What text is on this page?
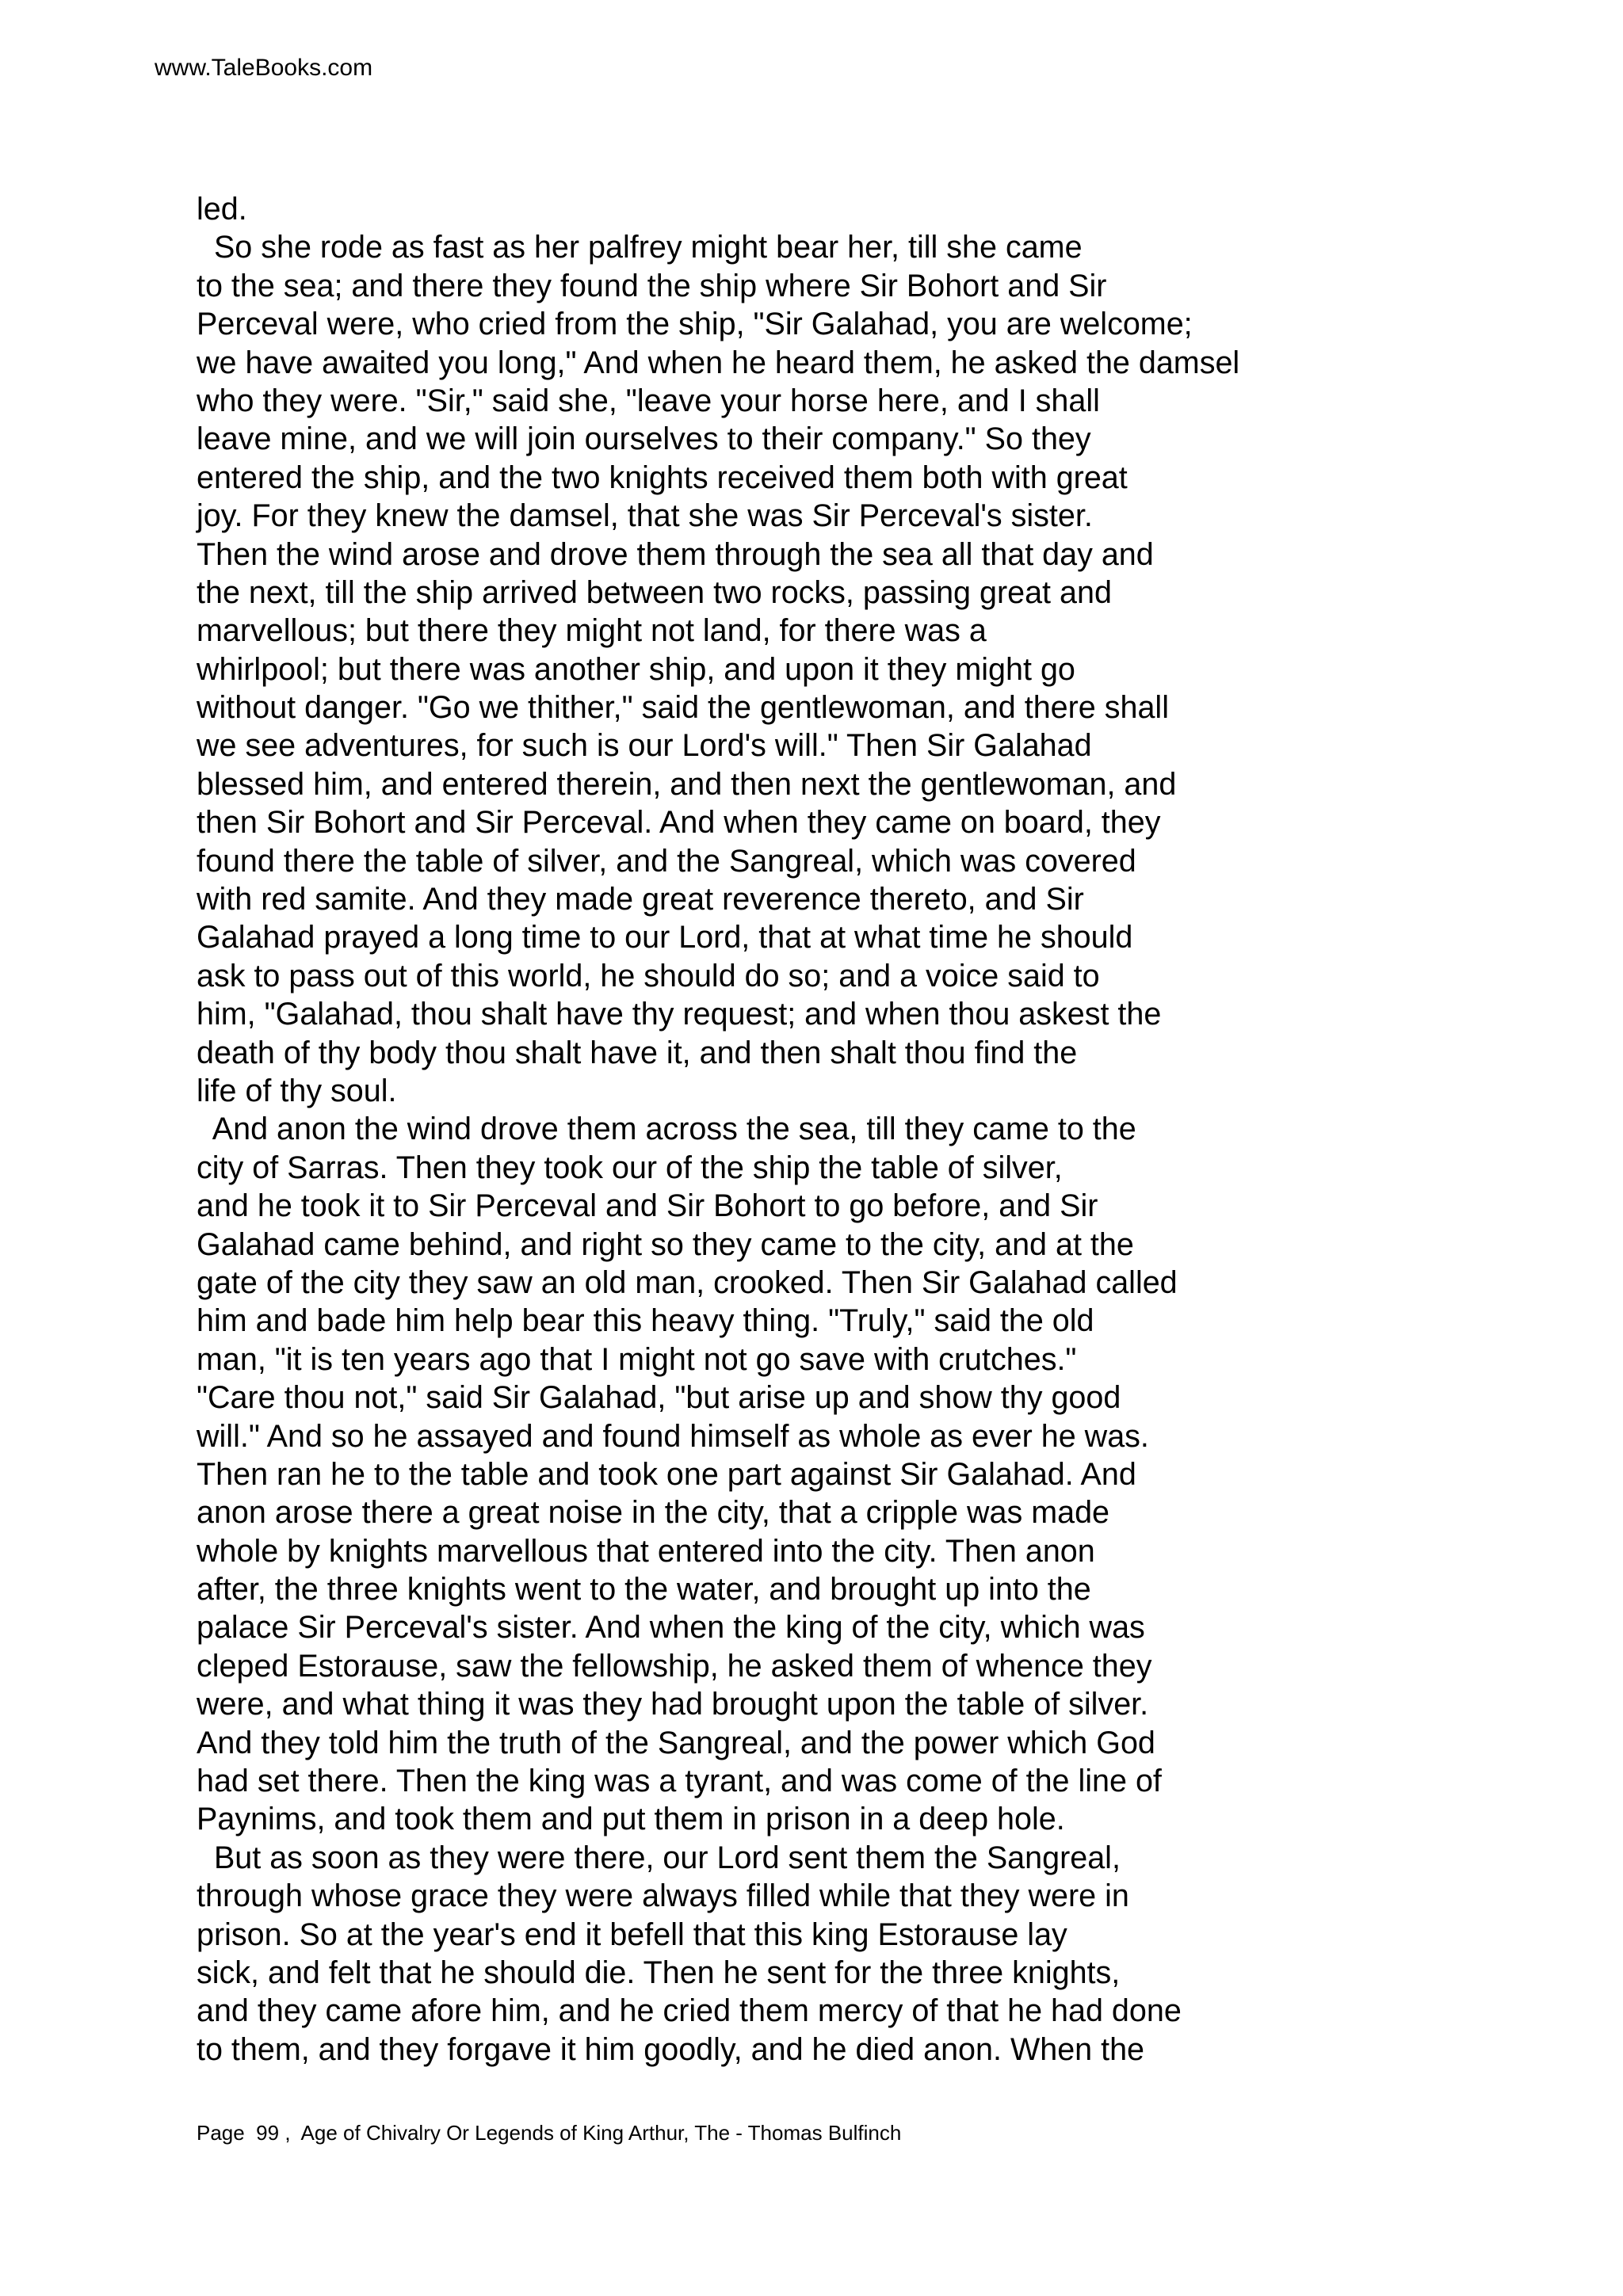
www.TaleBooks.com
led.
So she rode as fast as her palfrey might bear her, till she came
to the sea; and there they found the ship where Sir Bohort and Sir
Perceval were, who cried from the ship, "Sir Galahad, you are welcome;
we have awaited you long," And when he heard them, he asked the damsel
who they were. "Sir," said she, "leave your horse here, and I shall
leave mine, and we will join ourselves to their company." So they
entered the ship, and the two knights received them both with great
joy. For they knew the damsel, that she was Sir Perceval's sister.
Then the wind arose and drove them through the sea all that day and
the next, till the ship arrived between two rocks, passing great and
marvellous; but there they might not land, for there was a
whirlpool; but there was another ship, and upon it they might go
without danger. "Go we thither," said the gentlewoman, and there shall
we see adventures, for such is our Lord's will." Then Sir Galahad
blessed him, and entered therein, and then next the gentlewoman, and
then Sir Bohort and Sir Perceval. And when they came on board, they
found there the table of silver, and the Sangreal, which was covered
with red samite. And they made great reverence thereto, and Sir
Galahad prayed a long time to our Lord, that at what time he should
ask to pass out of this world, he should do so; and a voice said to
him, "Galahad, thou shalt have thy request; and when thou askest the
death of thy body thou shalt have it, and then shalt thou find the
life of thy soul.
And anon the wind drove them across the sea, till they came to the
city of Sarras. Then they took our of the ship the table of silver,
and he took it to Sir Perceval and Sir Bohort to go before, and Sir
Galahad came behind, and right so they came to the city, and at the
gate of the city they saw an old man, crooked. Then Sir Galahad called
him and bade him help bear this heavy thing. "Truly," said the old
man, "it is ten years ago that I might not go save with crutches."
"Care thou not," said Sir Galahad, "but arise up and show thy good
will." And so he assayed and found himself as whole as ever he was.
Then ran he to the table and took one part against Sir Galahad. And
anon arose there a great noise in the city, that a cripple was made
whole by knights marvellous that entered into the city. Then anon
after, the three knights went to the water, and brought up into the
palace Sir Perceval's sister. And when the king of the city, which was
cleped Estorause, saw the fellowship, he asked them of whence they
were, and what thing it was they had brought upon the table of silver.
And they told him the truth of the Sangreal, and the power which God
had set there. Then the king was a tyrant, and was come of the line of
Paynims, and took them and put them in prison in a deep hole.
But as soon as they were there, our Lord sent them the Sangreal,
through whose grace they were always filled while that they were in
prison. So at the year's end it befell that this king Estorause lay
sick, and felt that he should die. Then he sent for the three knights,
and they came afore him, and he cried them mercy of that he had done
to them, and they forgave it him goodly, and he died anon. When the
Page  99 ,  Age of Chivalry Or Legends of King Arthur, The - Thomas Bulfinch
